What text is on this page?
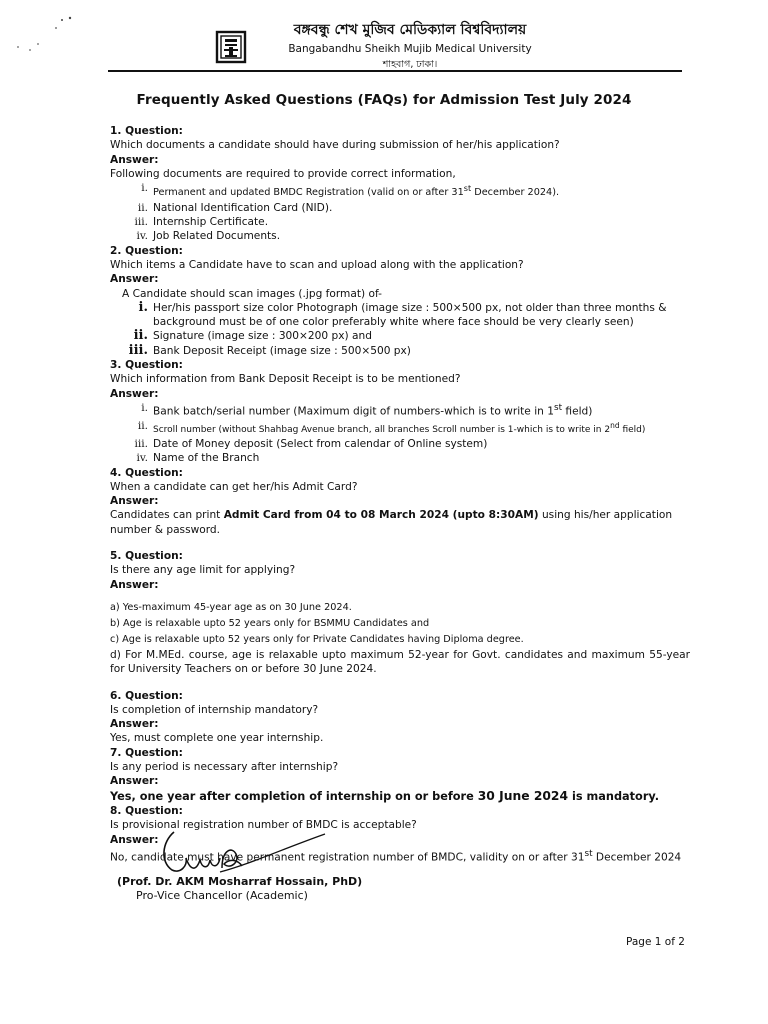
বঙ্গবন্ধু শেখ মুজিব মেডিক্যাল বিশ্ববিদ্যালয়
Bangabandhu Sheikh Mujib Medical University
শাহবাগ, ঢাকা।
Frequently Asked Questions (FAQs) for Admission Test July 2024

1. Question:

Which documents a candidate should have during submission of her/his application?

Answer:

Following documents are required to provide correct information,

i. Permanent and updated BMDC Registration (valid on or after 31st December 2024).
ii. National Identification Card (NID).
iii. Internship Certificate.
iv. Job Related Documents.

2. Question:

Which items a Candidate have to scan and upload along with the application?

Answer:

A Candidate should scan images (.jpg format) of-

i. Her/his passport size color Photograph (image size : 500×500 px, not older than three months & background must be of one color preferably white where face should be very clearly seen)
ii. Signature (image size : 300×200 px) and
iii. Bank Deposit Receipt (image size : 500×500 px)

3. Question:

Which information from Bank Deposit Receipt is to be mentioned?

Answer:

i. Bank batch/serial number (Maximum digit of numbers-which is to write in 1st field)
ii. Scroll number (without Shahbag Avenue branch, all branches Scroll number is 1-which is to write in 2nd field)
iii. Date of Money deposit (Select from calendar of Online system)
iv. Name of the Branch

4. Question:

When a candidate can get her/his Admit Card?

Answer:

Candidates can print Admit Card from 04 to 08 March 2024 (upto 8:30AM) using his/her application number & password.

5. Question:

Is there any age limit for applying?

Answer:

a) Yes-maximum 45-year age as on 30 June 2024.

b) Age is relaxable upto 52 years only for BSMMU Candidates and

c) Age is relaxable upto 52 years only for Private Candidates having Diploma degree.

d) For M.MEd. course, age is relaxable upto maximum 52-year for Govt. candidates and maximum 55-year for University Teachers on or before 30 June 2024.

6. Question:

Is completion of internship mandatory?

Answer:

Yes, must complete one year internship.

7. Question:

Is any period is necessary after internship?

Answer:

Yes, one year after completion of internship on or before 30 June 2024 is mandatory.

8. Question:

Is provisional registration number of BMDC is acceptable?

Answer:

No, candidate must have permanent registration number of BMDC, validity on or after 31st December 2024

(Prof. Dr. AKM Mosharraf Hossain, PhD)
Pro-Vice Chancellor (Academic)
Page 1 of 2
